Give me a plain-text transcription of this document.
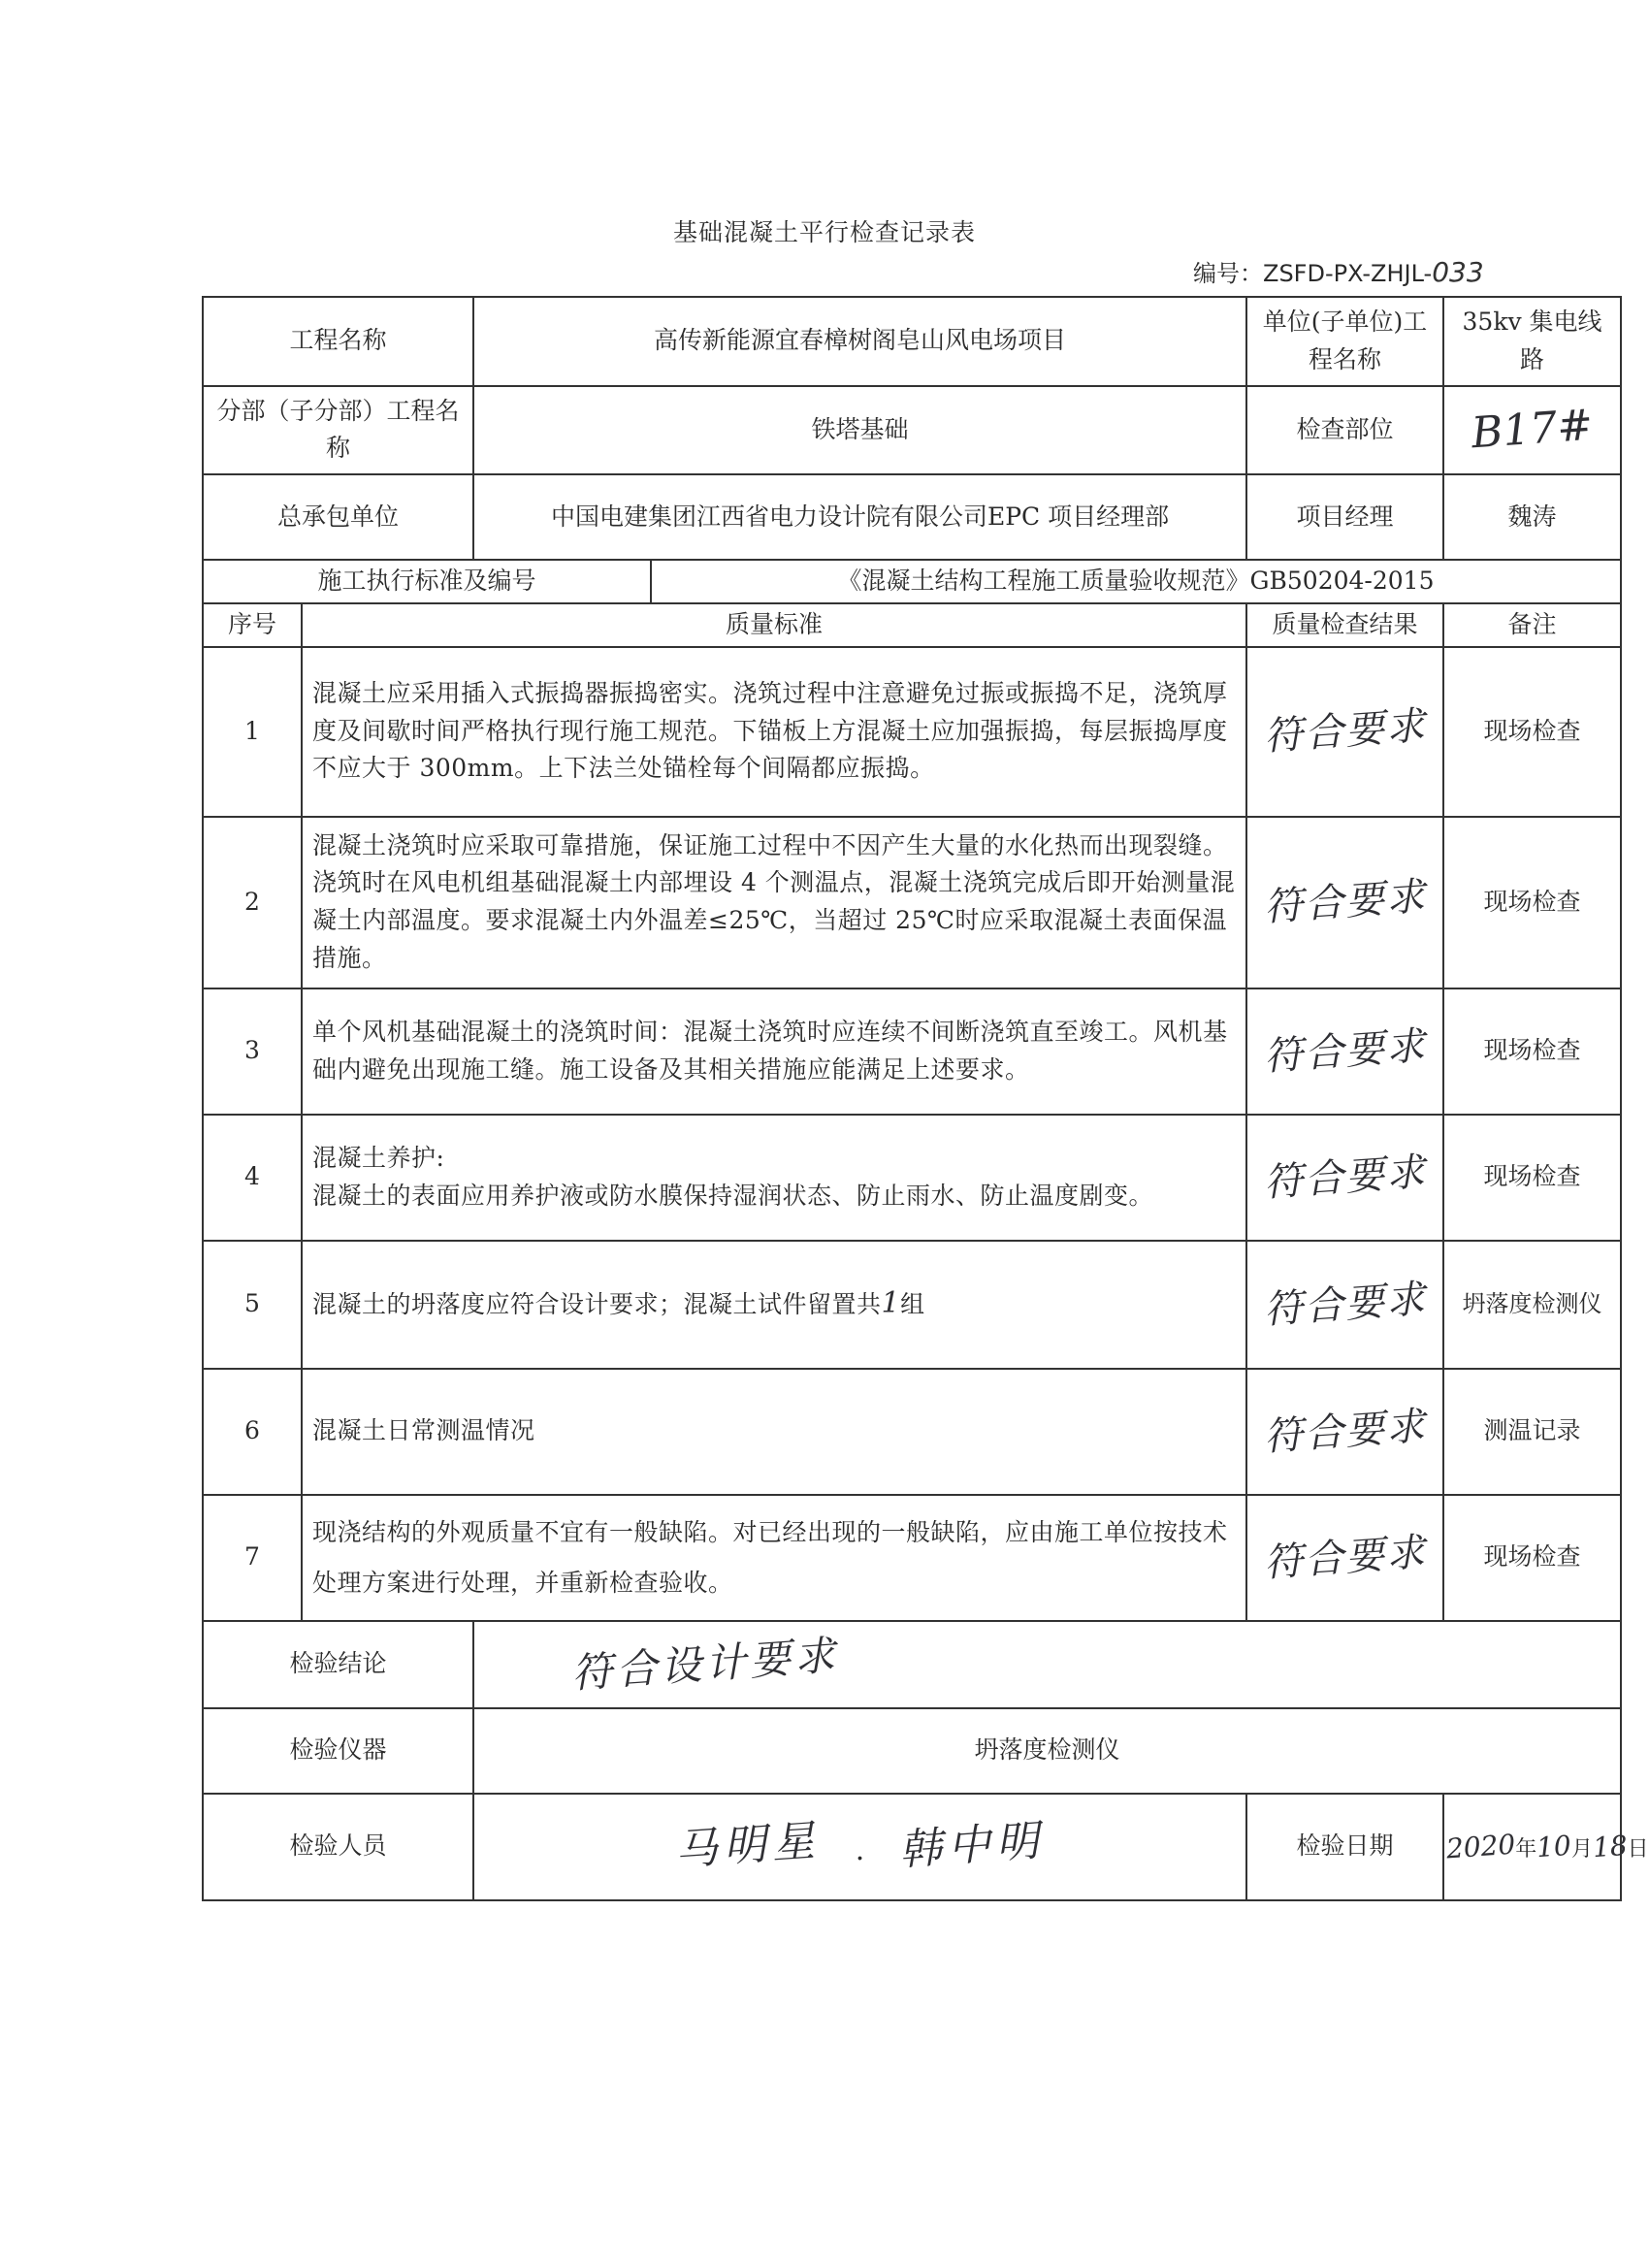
基础混凝土平行检查记录表
编号：ZSFD-PX-ZHJL-033
工程名称		高传新能源宜春樟树阁皂山风电场项目		单位(子单位)工程名称	35kv 集电线路
分部（子分部）工程名称		铁塔基础		检查部位	B17#
总承包单位		中国电建集团江西省电力设计院有限公司EPC 项目经理部		项目经理	魏涛
施工执行标准及编号			《混凝土结构工程施工质量验收规范》GB50204-2015		
序号	质量标准			质量检查结果	备注
1	混凝土应采用插入式振捣器振捣密实。浇筑过程中注意避免过振或振捣不足，浇筑厚度及间歇时间严格执行现行施工规范。下锚板上方混凝土应加强振捣，每层振捣厚度不应大于 300mm。上下法兰处锚栓每个间隔都应振捣。			符合要求	现场检查
2	混凝土浇筑时应采取可靠措施，保证施工过程中不因产生大量的水化热而出现裂缝。浇筑时在风电机组基础混凝土内部埋设 4 个测温点，混凝土浇筑完成后即开始测量混凝土内部温度。要求混凝土内外温差≤25℃，当超过 25℃时应采取混凝土表面保温措施。			符合要求	现场检查
3	单个风机基础混凝土的浇筑时间：混凝土浇筑时应连续不间断浇筑直至竣工。风机基础内避免出现施工缝。施工设备及其相关措施应能满足上述要求。			符合要求	现场检查
4	混凝土养护:
混凝土的表面应用养护液或防水膜保持湿润状态、防止雨水、防止温度剧变。			符合要求	现场检查
5	混凝土的坍落度应符合设计要求；混凝土试件留置共1组			符合要求	坍落度检测仪
6	混凝土日常测温情况			符合要求	测温记录
7	现浇结构的外观质量不宜有一般缺陷。对已经出现的一般缺陷，应由施工单位按技术处理方案进行处理，并重新检查验收。			符合要求	现场检查
检验结论		符合设计要求			
检验仪器		坍落度检测仪			
检验人员		马明星 . 韩中明		检验日期	2020年10月18日
